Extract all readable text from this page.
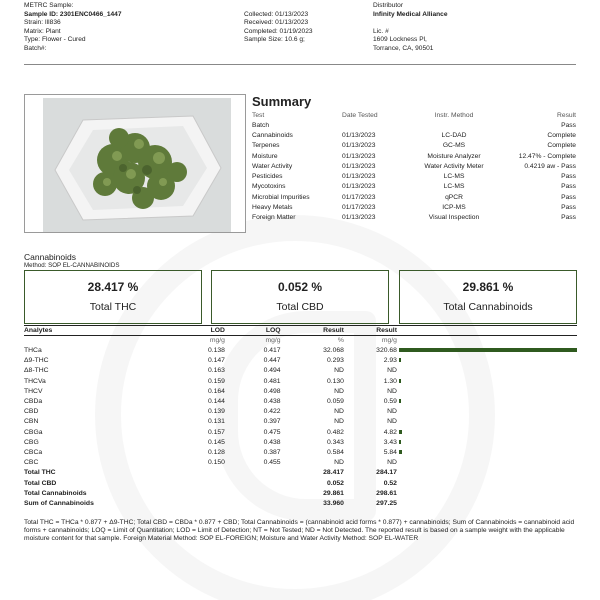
METRC Sample:
Sample ID: 2301ENC0466_1447
Strain: Ill836
Matrix: Plant
Type: Flower - Cured
Batch#:

Collected: 01/13/2023
Received: 01/13/2023
Completed: 01/19/2023
Sample Size: 10.6 g;
Distributor
Infinity Medical Alliance

Lic. #
1609 Lockness Pl,
Torrance, CA, 90501
Summary
Test	Date Tested	Instr. Method	Result
Batch			Pass
Cannabinoids	01/13/2023	LC-DAD	Complete
Terpenes	01/13/2023	GC-MS	Complete
Moisture	01/13/2023	Moisture Analyzer	12.47% - Complete
Water Activity	01/13/2023	Water Activity Meter	0.4219 aw - Pass
Pesticides	01/13/2023	LC-MS	Pass
Mycotoxins	01/13/2023	LC-MS	Pass
Microbial Impurities	01/17/2023	qPCR	Pass
Heavy Metals	01/17/2023	ICP-MS	Pass
Foreign Matter	01/13/2023	Visual Inspection	Pass
Cannabinoids
Method: SOP EL-CANNABINOIDS
28.417 %
Total THC
0.052 %
Total CBD
29.861 %
Total Cannabinoids
Analytes	LOD	LOQ	Result	Result	
	mg/g	mg/g	%	mg/g	
THCa	0.138	0.417	32.068	320.68	
Δ9-THC	0.147	0.447	0.293	2.93	
Δ8-THC	0.163	0.494	ND	ND	
THCVa	0.159	0.481	0.130	1.30	
THCV	0.164	0.498	ND	ND	
CBDa	0.144	0.438	0.059	0.59	
CBD	0.139	0.422	ND	ND	
CBN	0.131	0.397	ND	ND	
CBGa	0.157	0.475	0.482	4.82	
CBG	0.145	0.438	0.343	3.43	
CBCa	0.128	0.387	0.584	5.84	
CBC	0.150	0.455	ND	ND	
Total THC			28.417	284.17	
Total CBD			0.052	0.52	
Total Cannabinoids			29.861	298.61	
Sum of Cannabinoids			33.960	297.25	
Total THC = THCa * 0.877 + Δ9-THC; Total CBD = CBDa * 0.877 + CBD; Total Cannabinoids = (cannabinoid acid forms * 0.877) + cannabinoids; Sum of Cannabinoids = cannabinoid acid forms + cannabinoids; LOQ = Limit of Quantitation; LOD = Limit of Detection; NT = Not Tested; ND = Not Detected. The reported result is based on a sample weight with the applicable moisture content for that sample. Foreign Material Method: SOP EL-FOREIGN; Moisture and Water Activity Method: SOP EL-WATER
